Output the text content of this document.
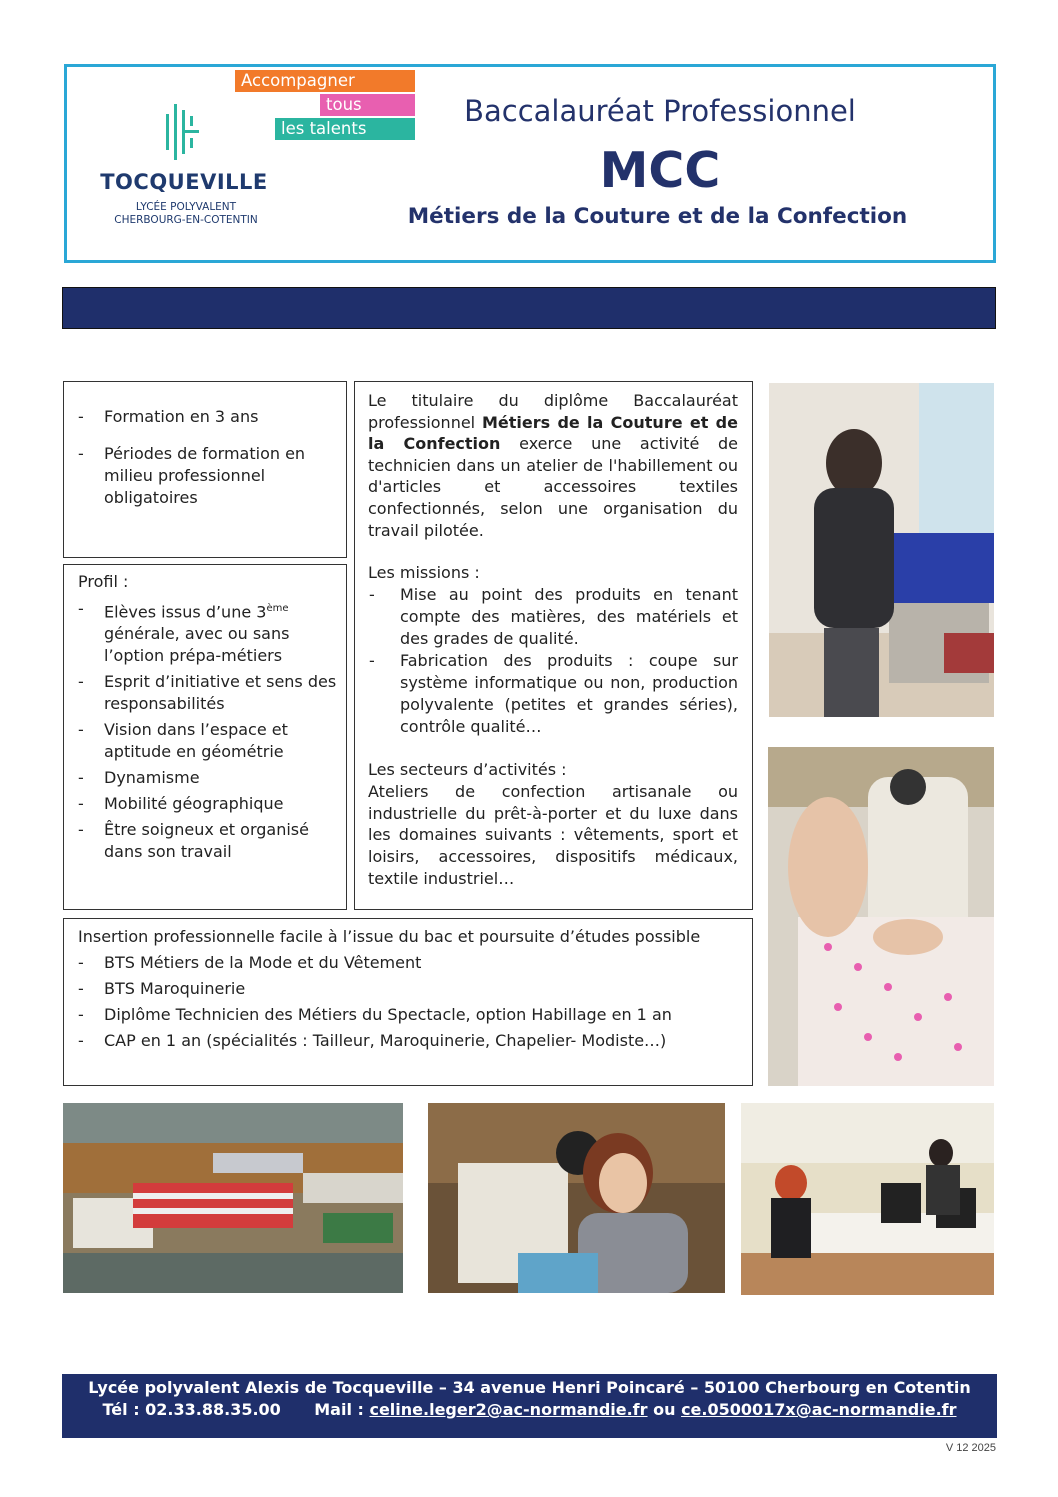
Accompagner
tous
les talents
TOCQUEVILLE
LYCÉE POLYVALENT
CHERBOURG-EN-COTENTIN
Baccalauréat Professionnel
MCC
Métiers de la Couture et de la Confection
- Formation en 3 ans
- Périodes de formation en milieu professionnel obligatoires
Profil :
- Elèves issus d’une 3ème générale, avec ou sans l’option prépa-métiers
- Esprit d’initiative et sens des responsabilités
- Vision dans l’espace et aptitude en géométrie
- Dynamisme
- Mobilité géographique
- Être soigneux et organisé dans son travail
Le titulaire du diplôme Baccalauréat professionnel Métiers de la Couture et de la Confection exerce une activité de technicien dans un atelier de l'habillement ou d'articles et accessoires textiles confectionnés, selon une organisation du travail pilotée.
Les missions :
- Mise au point des produits en tenant compte des matières, des matériels et des grades de qualité.
- Fabrication des produits : coupe sur système informatique ou non, production polyvalente (petites et grandes séries), contrôle qualité…
Les secteurs d’activités :
Ateliers de confection artisanale ou industrielle du prêt-à-porter et du luxe dans les domaines suivants : vêtements, sport et loisirs, accessoires, dispositifs médicaux, textile industriel…
Insertion professionnelle facile à l’issue du bac et poursuite d’études possible
- BTS Métiers de la Mode et du Vêtement
- BTS Maroquinerie
- Diplôme Technicien des Métiers du Spectacle, option Habillage en 1 an
- CAP en 1 an (spécialités : Tailleur, Maroquinerie, Chapelier- Modiste…)
Lycée polyvalent Alexis de Tocqueville – 34 avenue Henri Poincaré – 50100 Cherbourg en Cotentin
Tél : 02.33.88.35.00 Mail : celine.leger2@ac-normandie.fr ou ce.0500017x@ac-normandie.fr
V 12 2025
